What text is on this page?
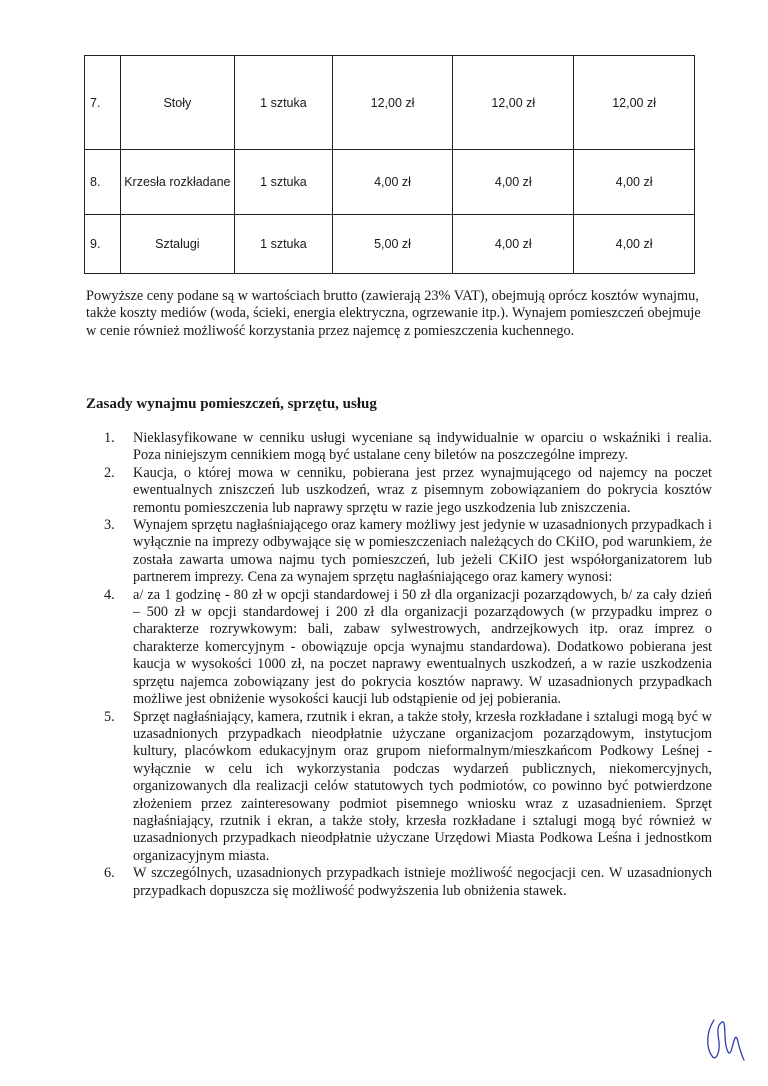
7.	Stoły	1 sztuka	12,00 zł	12,00 zł	12,00 zł
8.	Krzesła rozkładane	1 sztuka	4,00 zł	4,00 zł	4,00 zł
9.	Sztalugi	1 sztuka	5,00 zł	4,00 zł	4,00 zł

Powyższe ceny podane są w wartościach brutto (zawierają 23% VAT), obejmują oprócz kosztów wynajmu, także koszty mediów (woda, ścieki, energia elektryczna, ogrzewanie itp.). Wynajem pomieszczeń obejmuje w cenie również możliwość korzystania przez najemcę z pomieszczenia kuchennego.

Zasady wynajmu pomieszczeń, sprzętu, usług
1. Nieklasyfikowane w cenniku usługi wyceniane są indywidualnie w oparciu o wskaźniki i realia. Poza niniejszym cennikiem mogą być ustalane ceny biletów na poszczególne imprezy.
2. Kaucja, o której mowa w cenniku, pobierana jest przez wynajmującego od najemcy na poczet ewentualnych zniszczeń lub uszkodzeń, wraz z pisemnym zobowiązaniem do pokrycia kosztów remontu pomieszczenia lub naprawy sprzętu w razie jego uszkodzenia lub zniszczenia.
3. Wynajem sprzętu nagłaśniającego oraz kamery możliwy jest jedynie w uzasadnionych przypadkach i wyłącznie na imprezy odbywające się w pomieszczeniach należących do CKiIO, pod warunkiem, że została zawarta umowa najmu tych pomieszczeń, lub jeżeli CKiIO jest współorganizatorem lub partnerem imprezy. Cena za wynajem sprzętu nagłaśniającego oraz kamery wynosi:
4. a/ za 1 godzinę - 80 zł w opcji standardowej i 50 zł dla organizacji pozarządowych, b/ za cały dzień – 500 zł w opcji standardowej i 200 zł dla organizacji pozarządowych (w przypadku imprez o charakterze rozrywkowym: bali, zabaw sylwestrowych, andrzejkowych itp. oraz imprez o charakterze komercyjnym - obowiązuje opcja wynajmu standardowa). Dodatkowo pobierana jest kaucja w wysokości 1000 zł, na poczet naprawy ewentualnych uszkodzeń, a w razie uszkodzenia sprzętu najemca zobowiązany jest do pokrycia kosztów naprawy. W uzasadnionych przypadkach możliwe jest obniżenie wysokości kaucji lub odstąpienie od jej pobierania.
5. Sprzęt nagłaśniający, kamera, rzutnik i ekran, a także stoły, krzesła rozkładane i sztalugi mogą być w uzasadnionych przypadkach nieodpłatnie użyczane organizacjom pozarządowym, instytucjom kultury, placówkom edukacyjnym oraz grupom nieformalnym/mieszkańcom Podkowy Leśnej - wyłącznie w celu ich wykorzystania podczas wydarzeń publicznych, niekomercyjnych, organizowanych dla realizacji celów statutowych tych podmiotów, co powinno być potwierdzone złożeniem przez zainteresowany podmiot pisemnego wniosku wraz z uzasadnieniem. Sprzęt nagłaśniający, rzutnik i ekran, a także stoły, krzesła rozkładane i sztalugi mogą być również w uzasadnionych przypadkach nieodpłatnie użyczane Urzędowi Miasta Podkowa Leśna i jednostkom organizacyjnym miasta.
6. W szczególnych, uzasadnionych przypadkach istnieje możliwość negocjacji cen. W uzasadnionych przypadkach dopuszcza się możliwość podwyższenia lub obniżenia stawek.
